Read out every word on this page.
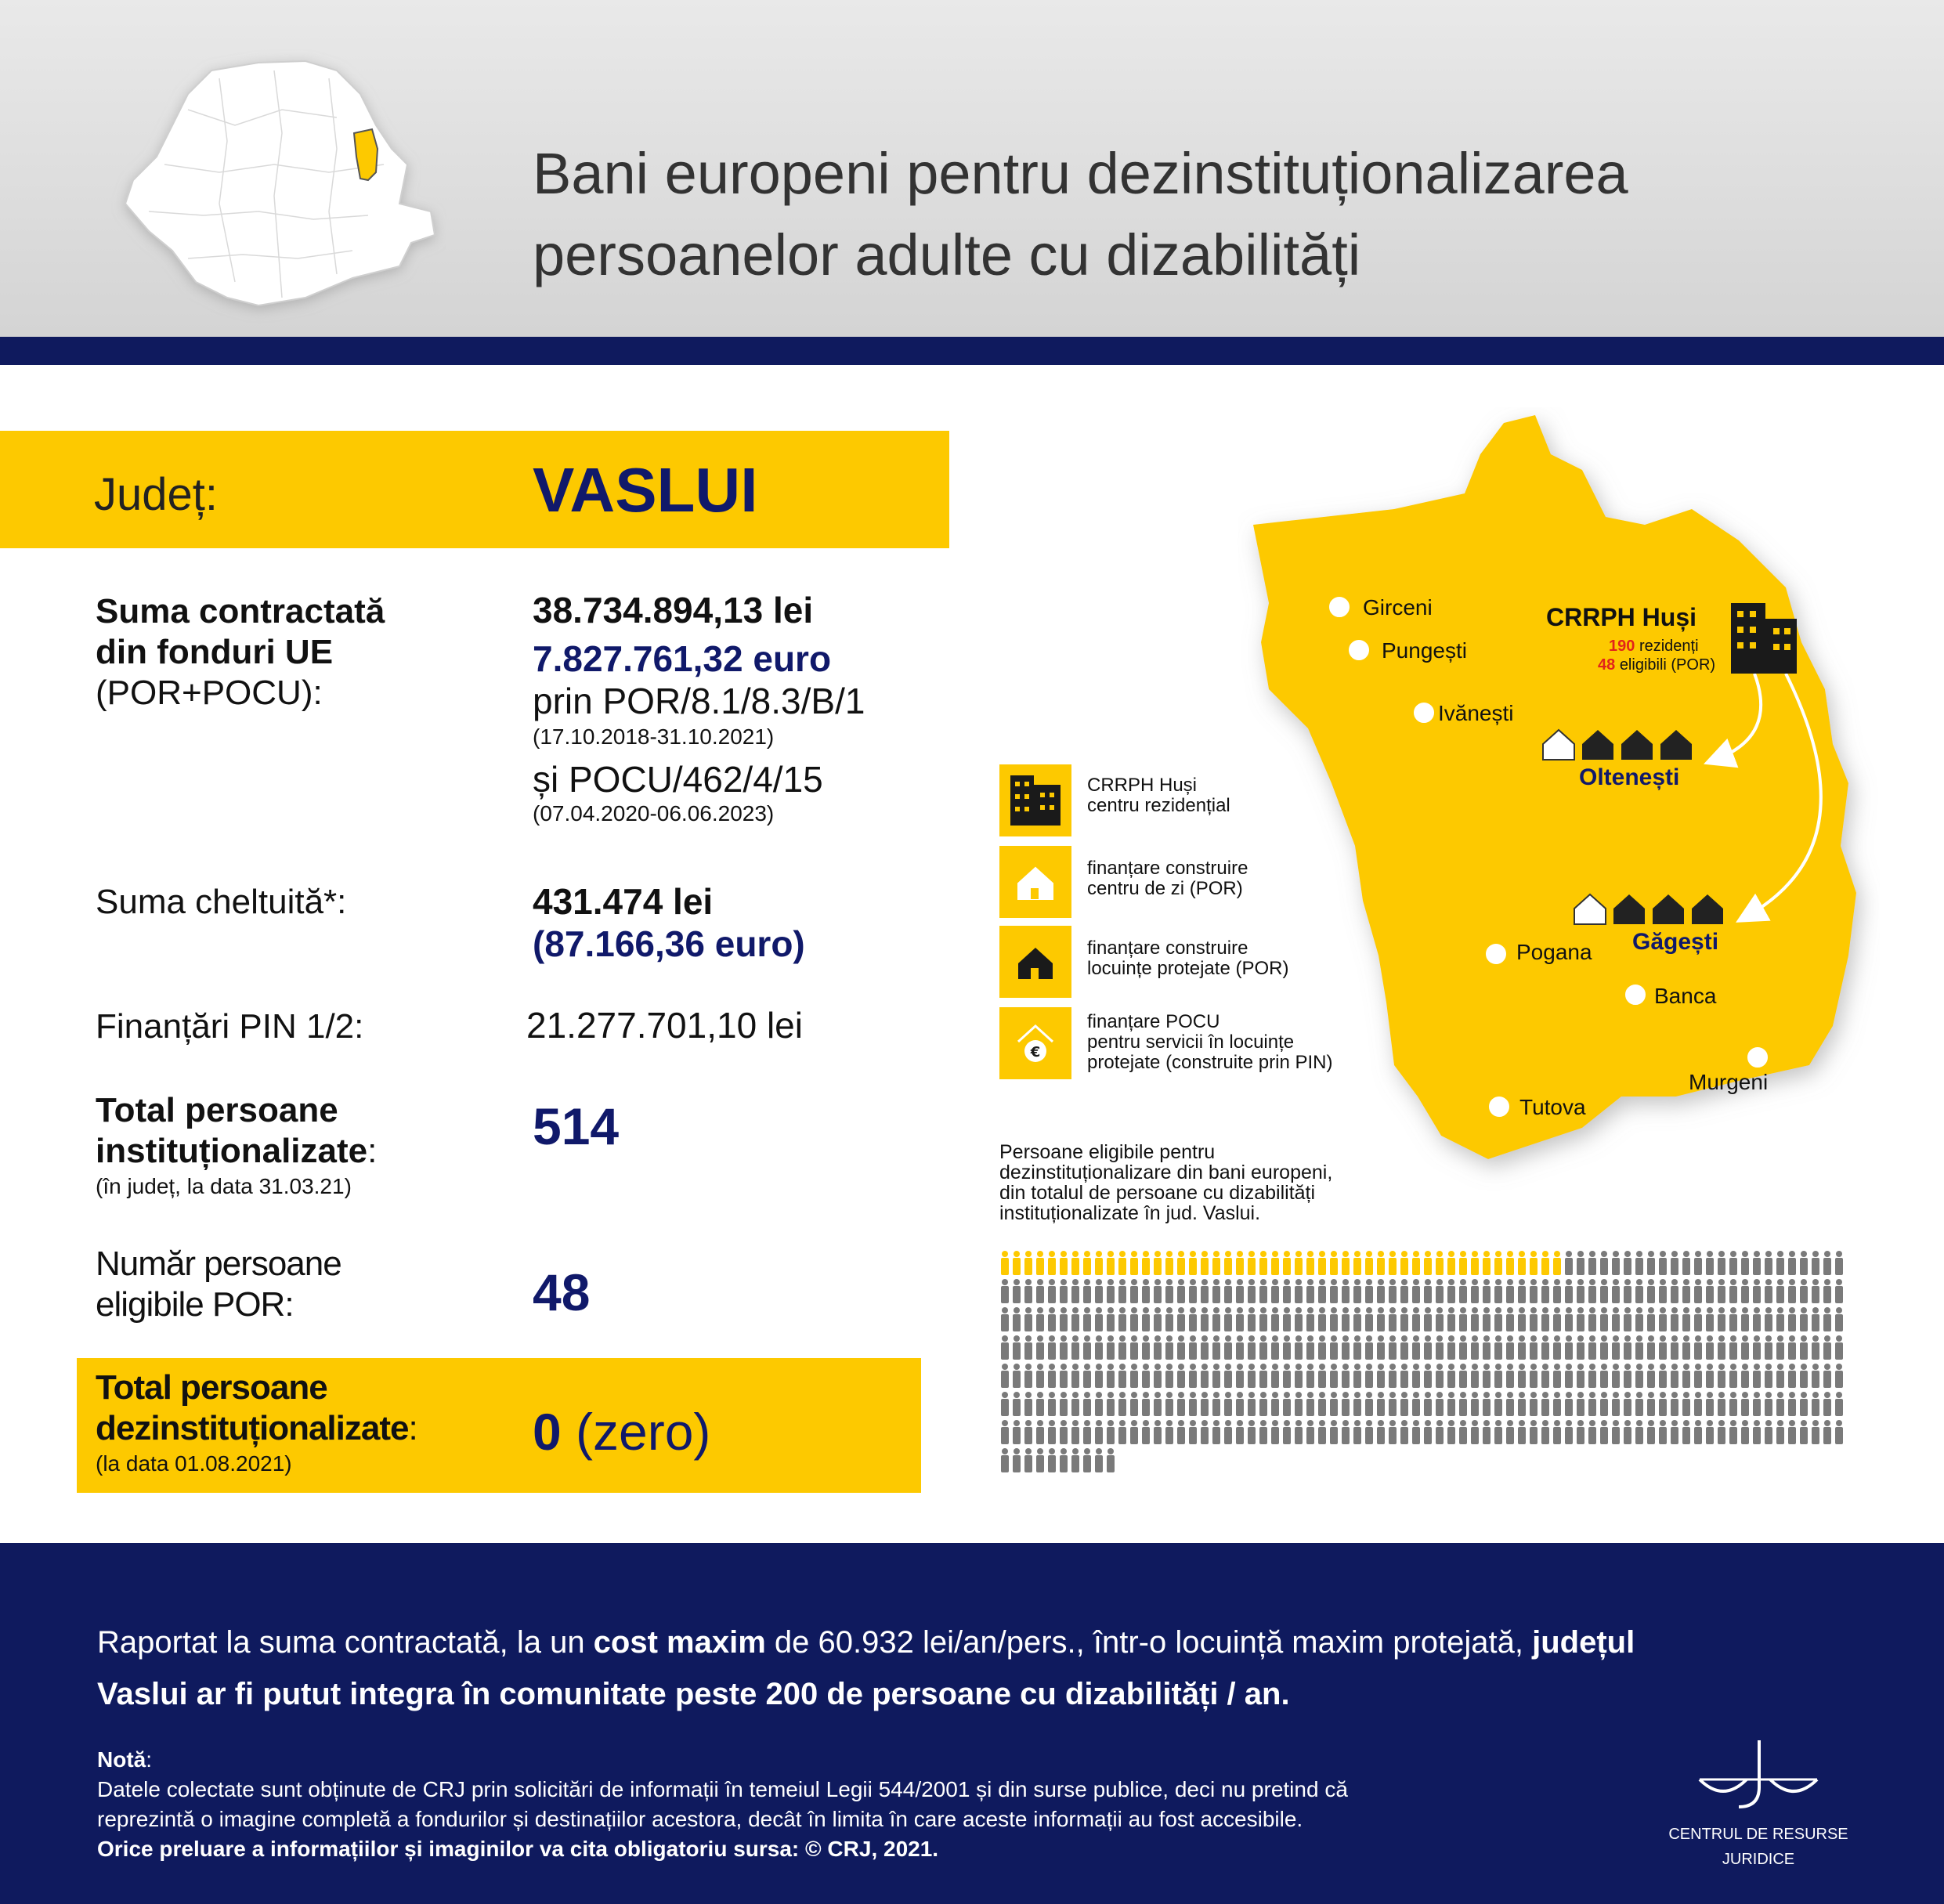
Bani europeni pentru dezinstituționalizarea
persoanelor adulte cu dizabilități
Județ:	VASLUI
Suma contractată
din fonduri UE
(POR+POCU):
38.734.894,13 lei
7.827.761,32 euro
prin POR/8.1/8.3/B/1
(17.10.2018-31.10.2021)
și POCU/462/4/15
(07.04.2020-06.06.2023)
Suma cheltuită*:	431.474 lei
(87.166,36 euro)
Finanțări PIN 1/2:	21.277.701,10 lei
Total persoane
instituționalizate:
(în județ, la data 31.03.21)
514
Număr persoane
eligibile POR:	48
Total persoane
dezinstituționalizate:
(la data 01.08.2021)
0 (zero)
Girceni
Pungești
Ivănești
Oltenești
Găgești
Pogana
Banca
Murgeni
Tutova
CRRPH Huși
190 rezidenți
48 eligibili (POR)
CRRPH Huși
centru rezidențial
finanțare construire
centru de zi (POR)
finanțare construire
locuințe protejate (POR)
€
finanțare POCU
pentru servicii în locuințe
protejate (construite prin PIN)
Persoane eligibile pentru
dezinstituționalizare din bani europeni,
din totalul de persoane cu dizabilități
instituționalizate în jud. Vaslui.
Raportat la suma contractată, la un cost maxim de 60.932 lei/an/pers., într-o locuință maxim protejată, județul
Vaslui ar fi putut integra în comunitate peste 200 de persoane cu dizabilități / an.
Notă:
Datele colectate sunt obținute de CRJ prin solicitări de informații în temeiul Legii 544/2001 și din surse publice, deci nu pretind că
reprezintă o imagine completă a fondurilor și destinațiilor acestora, decât în limita în care aceste informații au fost accesibile.
Orice preluare a informațiilor și imaginilor va cita obligatoriu sursa: © CRJ, 2021.
CENTRUL DE RESURSE
JURIDICE
